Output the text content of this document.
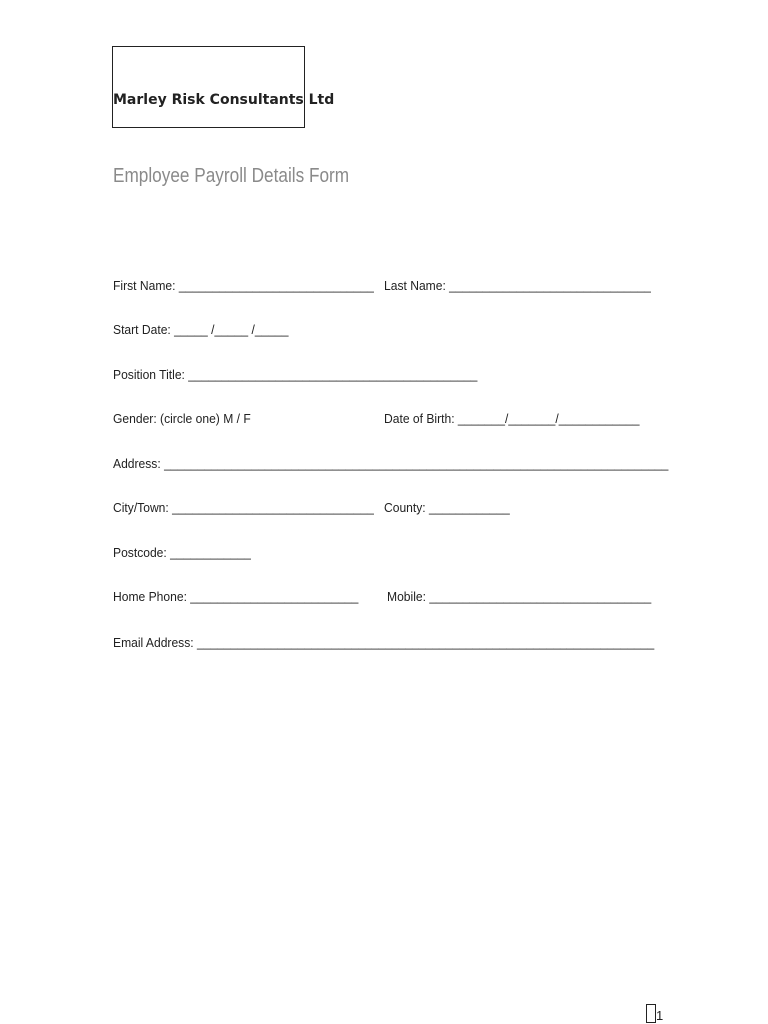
Marley Risk Consultants Ltd
Employee Payroll Details Form
First Name: _____________________________ Last Name: ______________________________
Start Date: _____ /_____ /_____
Position Title: ___________________________________________
Gender: (circle one) M / F	Date of Birth: _______/_______/____________
Address: ___________________________________________________________________________
City/Town: ______________________________ County: ____________
Postcode: ____________
Home Phone: _________________________ Mobile: _________________________________
Email Address: ____________________________________________________________________
1
